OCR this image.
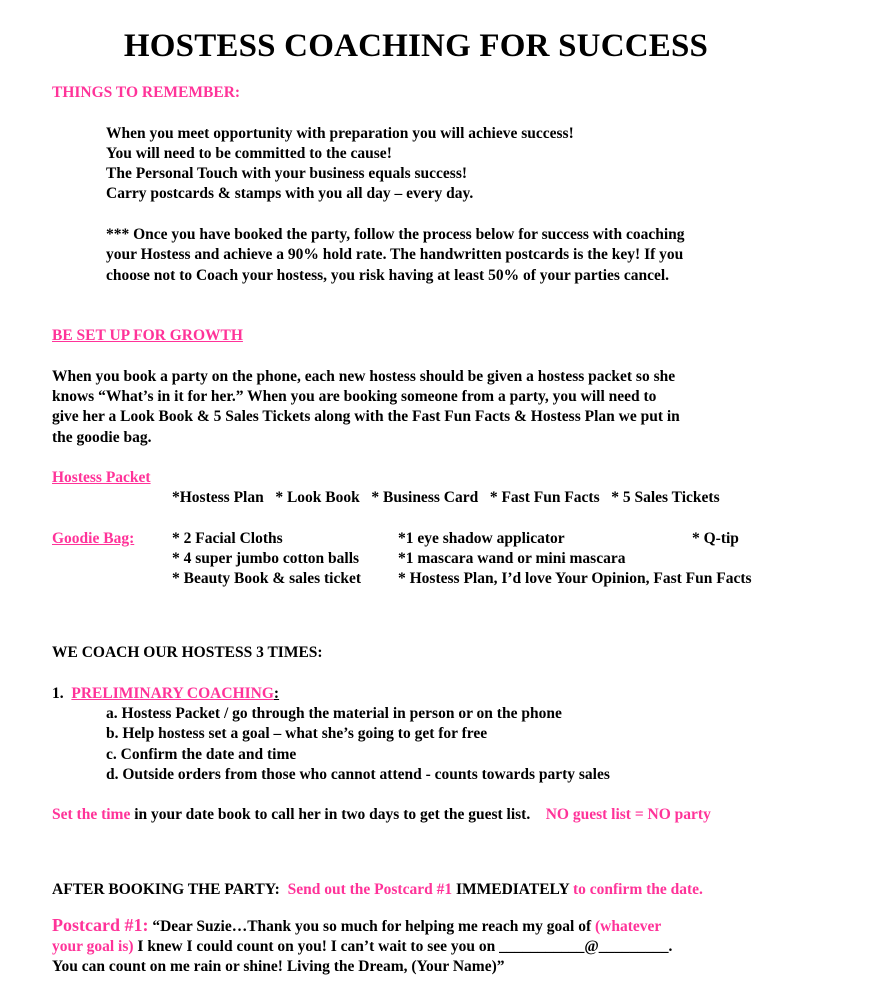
HOSTESS COACHING FOR SUCCESS
THINGS TO REMEMBER:
When you meet opportunity with preparation you will achieve success!
You will need to be committed to the cause!
The Personal Touch with your business equals success!
Carry postcards & stamps with you all day – every day.
*** Once you have booked the party, follow the process below for success with coaching
your Hostess and achieve a 90% hold rate. The handwritten postcards is the key! If you
choose not to Coach your hostess, you risk having at least 50% of your parties cancel.
BE SET UP FOR GROWTH
When you book a party on the phone, each new hostess should be given a hostess packet so she
knows “What’s in it for her.” When you are booking someone from a party, you will need to
give her a Look Book & 5 Sales Tickets along with the Fast Fun Facts & Hostess Plan we put in
the goodie bag.
Hostess Packet
*Hostess Plan * Look Book * Business Card * Fast Fun Facts * 5 Sales Tickets
Goodie Bag: * 2 Facial Cloths
* 4 super jumbo cotton balls
* Beauty Book & sales ticket
*1 eye shadow applicator
*1 mascara wand or mini mascara
* Hostess Plan, I’d love Your Opinion, Fast Fun Facts
* Q-tip
WE COACH OUR HOSTESS 3 TIMES:
1. PRELIMINARY COACHING:
a. Hostess Packet / go through the material in person or on the phone
b. Help hostess set a goal – what she’s going to get for free
c. Confirm the date and time
d. Outside orders from those who cannot attend - counts towards party sales
Set the time in your date book to call her in two days to get the guest list. NO guest list = NO party
AFTER BOOKING THE PARTY: Send out the Postcard #1 IMMEDIATELY to confirm the date.
Postcard #1: “Dear Suzie…Thank you so much for helping me reach my goal of (whatever
your goal is) I knew I could count on you! I can’t wait to see you on ___________@_________.
You can count on me rain or shine! Living the Dream, (Your Name)”
